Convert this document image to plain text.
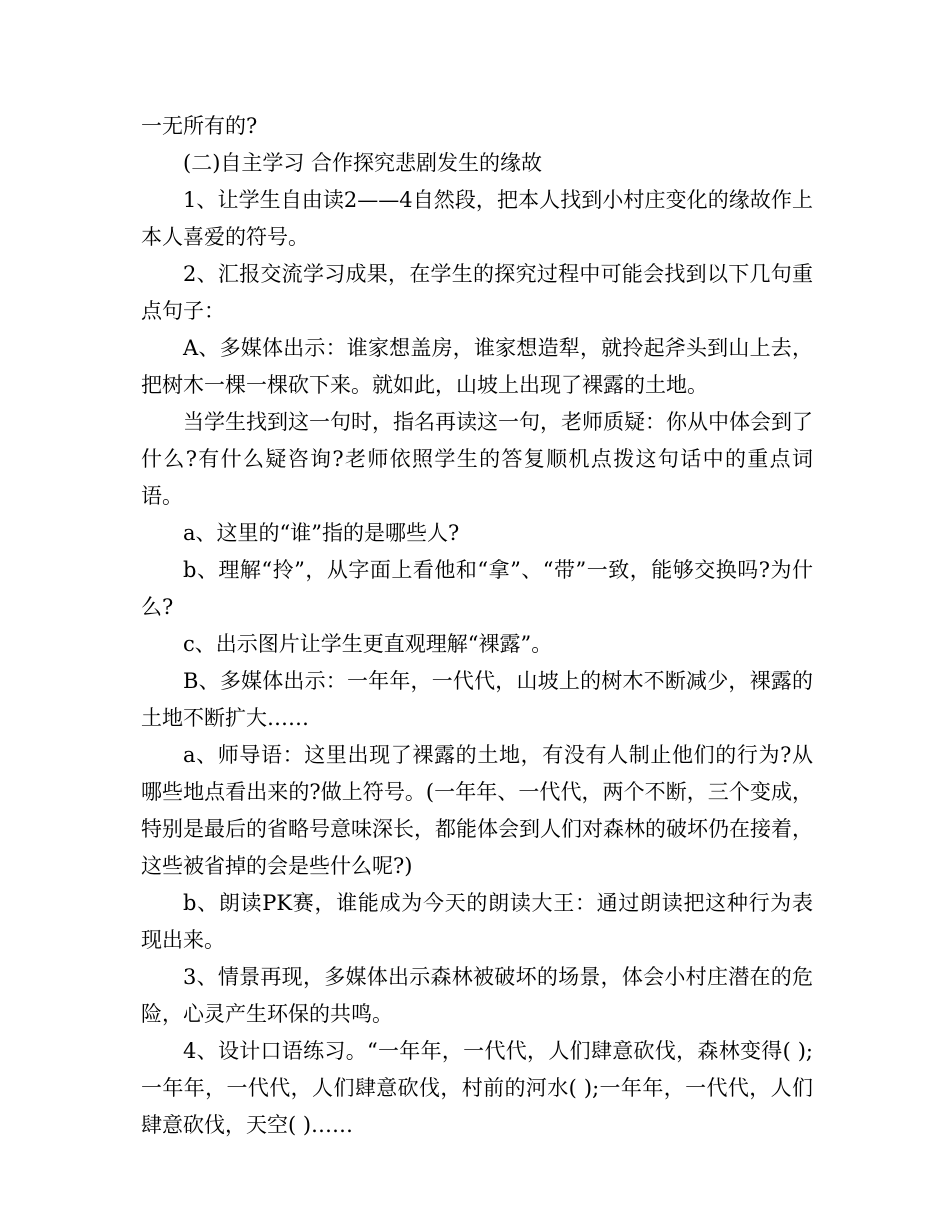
一无所有的?

(二)自主学习 合作探究悲剧发生的缘故

1、让学生自由读2——4自然段，把本人找到小村庄变化的缘故作上本人喜爱的符号。

2、汇报交流学习成果，在学生的探究过程中可能会找到以下几句重点句子：

A、多媒体出示：谁家想盖房，谁家想造犁，就拎起斧头到山上去，把树木一棵一棵砍下来。就如此，山坡上出现了裸露的土地。

当学生找到这一句时，指名再读这一句，老师质疑：你从中体会到了什么?有什么疑咨询?老师依照学生的答复顺机点拨这句话中的重点词语。

a、这里的“谁”指的是哪些人?

b、理解“拎”，从字面上看他和“拿”、“带”一致，能够交换吗?为什么?

c、出示图片让学生更直观理解“裸露”。

B、多媒体出示：一年年，一代代，山坡上的树木不断减少，裸露的土地不断扩大……

a、师导语：这里出现了裸露的土地，有没有人制止他们的行为?从哪些地点看出来的?做上符号。(一年年、一代代，两个不断，三个变成，特别是最后的省略号意味深长，都能体会到人们对森林的破坏仍在接着，这些被省掉的会是些什么呢?)

b、朗读PK赛，谁能成为今天的朗读大王：通过朗读把这种行为表现出来。

3、情景再现，多媒体出示森林被破坏的场景，体会小村庄潜在的危险，心灵产生环保的共鸣。

4、设计口语练习。“一年年，一代代，人们肆意砍伐，森林变得( );一年年，一代代，人们肆意砍伐，村前的河水( );一年年，一代代，人们肆意砍伐，天空( )……
